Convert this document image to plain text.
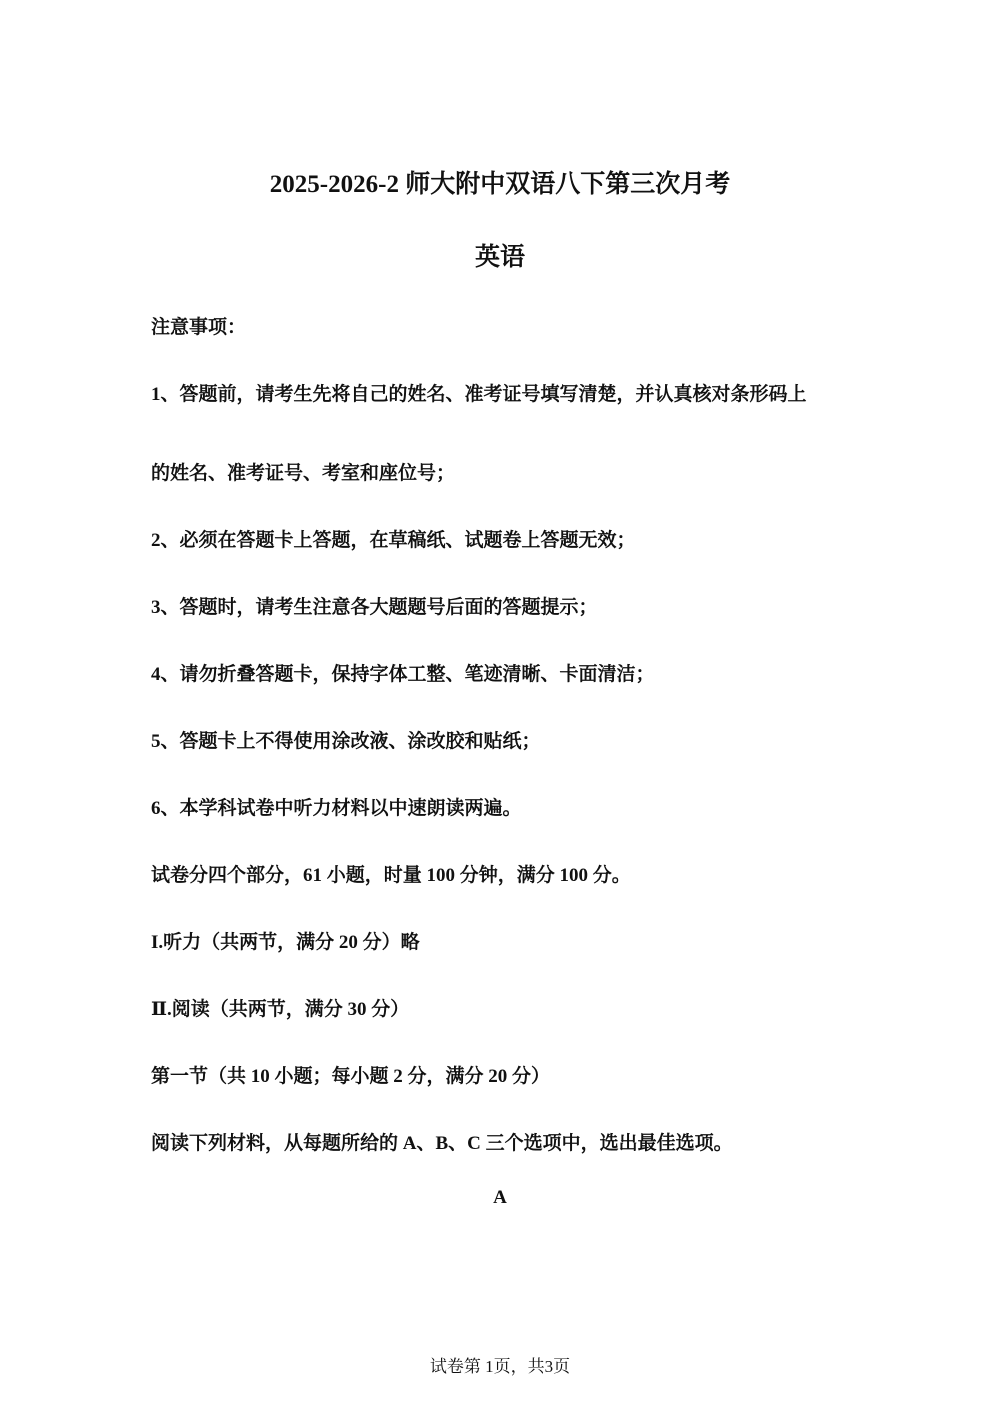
2025-2026-2 师大附中双语八下第三次月考
英语
注意事项：
1、答题前，请考生先将自己的姓名、准考证号填写清楚，并认真核对条形码上
的姓名、准考证号、考室和座位号；
2、必须在答题卡上答题，在草稿纸、试题卷上答题无效；
3、答题时，请考生注意各大题题号后面的答题提示；
4、请勿折叠答题卡，保持字体工整、笔迹清晰、卡面清洁；
5、答题卡上不得使用涂改液、涂改胶和贴纸；
6、本学科试卷中听力材料以中速朗读两遍。
试卷分四个部分，61 小题，时量 100 分钟，满分 100 分。
I.听力（共两节，满分 20 分）略
Ⅱ.阅读（共两节，满分 30 分）
第一节（共 10 小题；每小题 2 分，满分 20 分）
阅读下列材料，从每题所给的 A、B、C 三个选项中，选出最佳选项。
A
试卷第 1页，共3页
